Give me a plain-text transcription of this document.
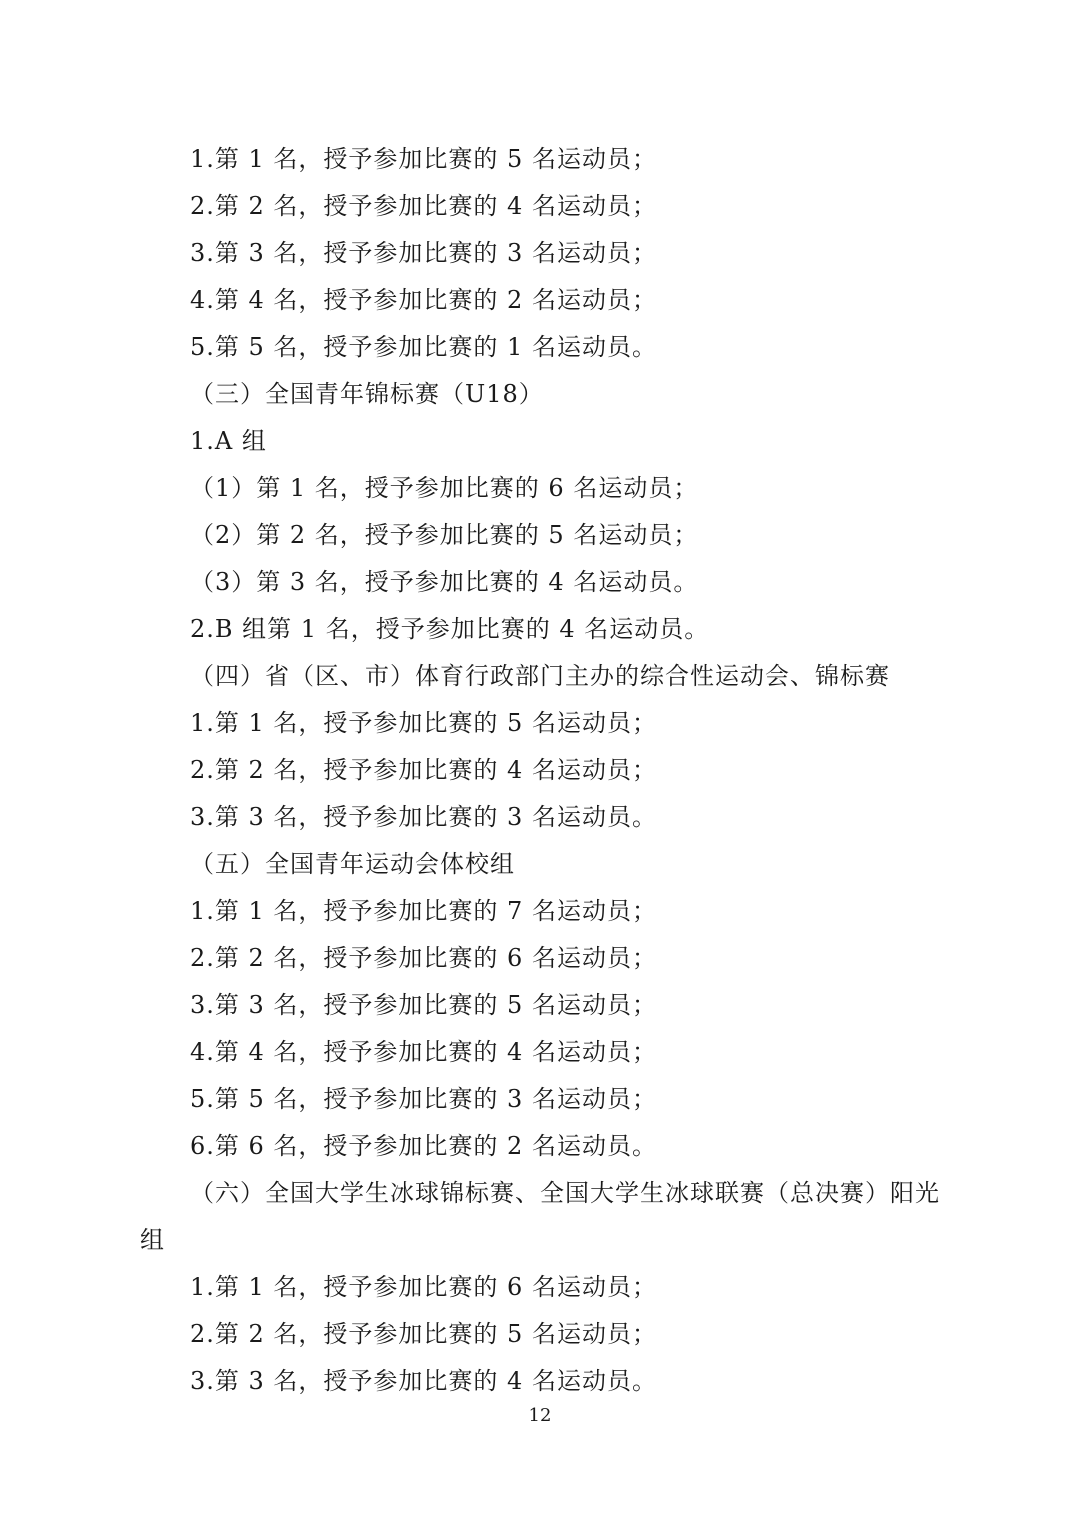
1.第 1 名，授予参加比赛的 5 名运动员；
2.第 2 名，授予参加比赛的 4 名运动员；
3.第 3 名，授予参加比赛的 3 名运动员；
4.第 4 名，授予参加比赛的 2 名运动员；
5.第 5 名，授予参加比赛的 1 名运动员。
（三）全国青年锦标赛（U18）
1.A 组
（1）第 1 名，授予参加比赛的 6 名运动员；
（2）第 2 名，授予参加比赛的 5 名运动员；
（3）第 3 名，授予参加比赛的 4 名运动员。
2.B 组第 1 名，授予参加比赛的 4 名运动员。
（四）省（区、市）体育行政部门主办的综合性运动会、锦标赛
1.第 1 名，授予参加比赛的 5 名运动员；
2.第 2 名，授予参加比赛的 4 名运动员；
3.第 3 名，授予参加比赛的 3 名运动员。
（五）全国青年运动会体校组
1.第 1 名，授予参加比赛的 7 名运动员；
2.第 2 名，授予参加比赛的 6 名运动员；
3.第 3 名，授予参加比赛的 5 名运动员；
4.第 4 名，授予参加比赛的 4 名运动员；
5.第 5 名，授予参加比赛的 3 名运动员；
6.第 6 名，授予参加比赛的 2 名运动员。
（六）全国大学生冰球锦标赛、全国大学生冰球联赛（总决赛）阳光组
1.第 1 名，授予参加比赛的 6 名运动员；
2.第 2 名，授予参加比赛的 5 名运动员；
3.第 3 名，授予参加比赛的 4 名运动员。
12
